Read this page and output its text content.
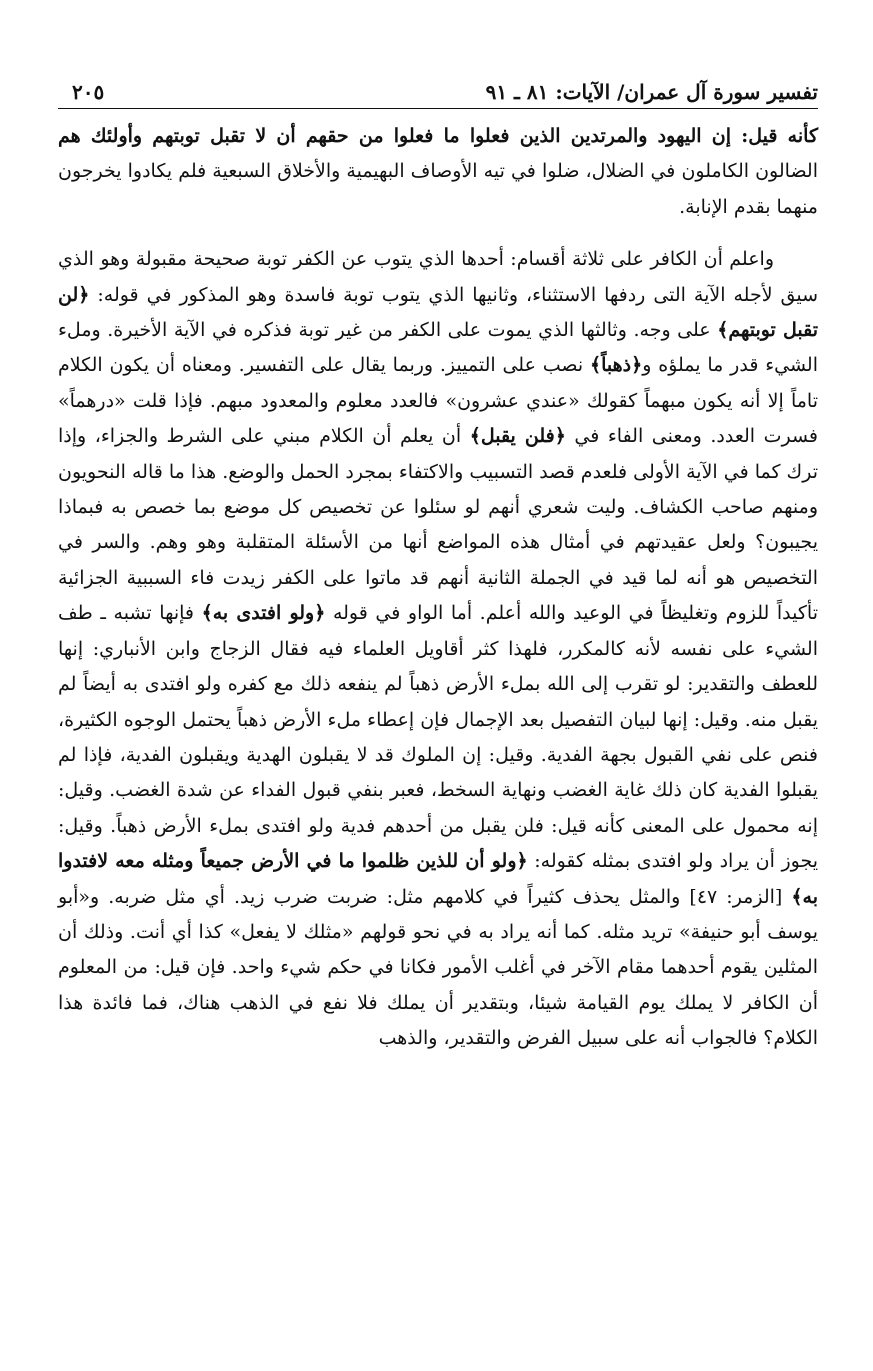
تفسير سورة آل عمران/ الآيات: ٨١ ـ ٩١
٢٠٥

كأنه قيل: إن اليهود والمرتدين الذين فعلوا ما فعلوا من حقهم أن لا تقبل توبتهم وأولئك هم الضالون الكاملون في الضلال، ضلوا في تيه الأوصاف البهيمية والأخلاق السبعية فلم يكادوا يخرجون منهما بقدم الإنابة.

واعلم أن الكافر على ثلاثة أقسام: أحدها الذي يتوب عن الكفر توبة صحيحة مقبولة وهو الذي سيق لأجله الآية التى ردفها الاستثناء، وثانيها الذي يتوب توبة فاسدة وهو المذكور في قوله: ﴿لن تقبل توبتهم﴾ على وجه. وثالثها الذي يموت على الكفر من غير توبة فذكره في الآية الأخيرة. وملء الشيء قدر ما يملؤه و﴿ذهباً﴾ نصب على التمييز. وربما يقال على التفسير. ومعناه أن يكون الكلام تاماً إلا أنه يكون مبهماً كقولك «عندي عشرون» فالعدد معلوم والمعدود مبهم. فإذا قلت «درهماً» فسرت العدد. ومعنى الفاء في ﴿فلن يقبل﴾ أن يعلم أن الكلام مبني على الشرط والجزاء، وإذا ترك كما في الآية الأولى فلعدم قصد التسبيب والاكتفاء بمجرد الحمل والوضع. هذا ما قاله النحويون ومنهم صاحب الكشاف. وليت شعري أنهم لو سئلوا عن تخصيص كل موضع بما خصص به فبماذا يجيبون؟ ولعل عقيدتهم في أمثال هذه المواضع أنها من الأسئلة المتقلبة وهو وهم. والسر في التخصيص هو أنه لما قيد في الجملة الثانية أنهم قد ماتوا على الكفر زيدت فاء السببية الجزائية تأكيداً للزوم وتغليظاً في الوعيد والله أعلم. أما الواو في قوله ﴿ولو افتدى به﴾ فإنها تشبه ـ طف الشيء على نفسه لأنه كالمكرر، فلهذا كثر أقاويل العلماء فيه فقال الزجاج وابن الأنباري: إنها للعطف والتقدير: لو تقرب إلى الله بملء الأرض ذهباً لم ينفعه ذلك مع كفره ولو افتدى به أيضاً لم يقبل منه. وقيل: إنها لبيان التفصيل بعد الإجمال فإن إعطاء ملء الأرض ذهباً يحتمل الوجوه الكثيرة، فنص على نفي القبول بجهة الفدية. وقيل: إن الملوك قد لا يقبلون الهدية ويقبلون الفدية، فإذا لم يقبلوا الفدية كان ذلك غاية الغضب ونهاية السخط، فعبر بنفي قبول الفداء عن شدة الغضب. وقيل: إنه محمول على المعنى كأنه قيل: فلن يقبل من أحدهم فدية ولو افتدى بملء الأرض ذهباً. وقيل: يجوز أن يراد ولو افتدى بمثله كقوله: ﴿ولو أن للذين ظلموا ما في الأرض جميعاً ومثله معه لافتدوا به﴾ [الزمر: ٤٧] والمثل يحذف كثيراً في كلامهم مثل: ضربت ضرب زيد. أي مثل ضربه. و«أبو يوسف أبو حنيفة» تريد مثله. كما أنه يراد به في نحو قولهم «مثلك لا يفعل» كذا أي أنت. وذلك أن المثلين يقوم أحدهما مقام الآخر في أغلب الأمور فكانا في حكم شيء واحد. فإن قيل: من المعلوم أن الكافر لا يملك يوم القيامة شيئا، وبتقدير أن يملك فلا نفع في الذهب هناك، فما فائدة هذا الكلام؟ فالجواب أنه على سبيل الفرض والتقدير، والذهب
